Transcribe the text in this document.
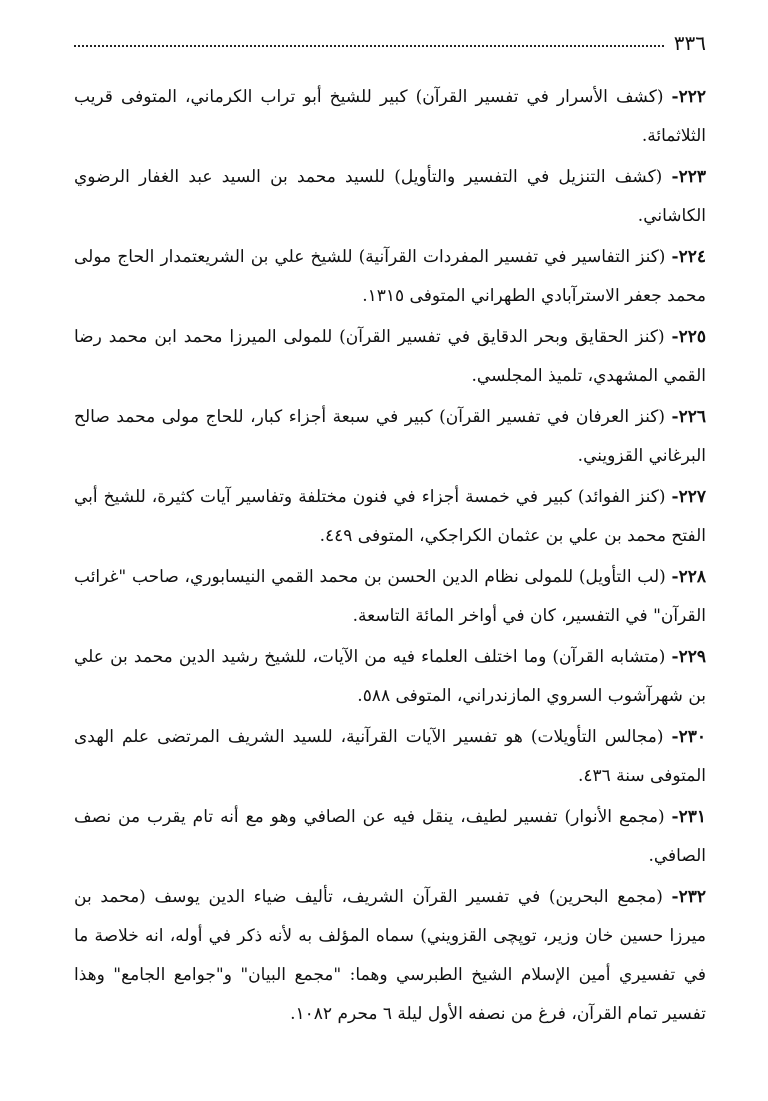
٣٣٦

٢٢٢- (كشف الأسرار في تفسير القرآن) كبير للشيخ أبو تراب الكرماني، المتوفى قريب الثلاثمائة.

٢٢٣- (كشف التنزيل في التفسير والتأويل) للسيد محمد بن السيد عبد الغفار الرضوي الكاشاني.

٢٢٤- (كنز التفاسير في تفسير المفردات القرآنية) للشيخ علي بن الشريعتمدار الحاج مولى محمد جعفر الاسترآبادي الطهراني المتوفى ١٣١٥.

٢٢٥- (كنز الحقايق وبحر الدقايق في تفسير القرآن) للمولى الميرزا محمد ابن محمد رضا القمي المشهدي، تلميذ المجلسي.

٢٢٦- (كنز العرفان في تفسير القرآن) كبير في سبعة أجزاء كبار، للحاج مولى محمد صالح البرغاني القزويني.

٢٢٧- (كنز الفوائد) كبير في خمسة أجزاء في فنون مختلفة وتفاسير آيات كثيرة، للشيخ أبي الفتح محمد بن علي بن عثمان الكراجكي، المتوفى ٤٤٩.

٢٢٨- (لب التأويل) للمولى نظام الدين الحسن بن محمد القمي النيسابوري، صاحب "غرائب القرآن" في التفسير، كان في أواخر المائة التاسعة.

٢٢٩- (متشابه القرآن) وما اختلف العلماء فيه من الآيات، للشيخ رشيد الدين محمد بن علي بن شهرآشوب السروي المازندراني، المتوفى ٥٨٨.

٢٣٠- (مجالس التأويلات) هو تفسير الآيات القرآنية، للسيد الشريف المرتضى علم الهدى المتوفى سنة ٤٣٦.

٢٣١- (مجمع الأنوار) تفسير لطيف، ينقل فيه عن الصافي وهو مع أنه تام يقرب من نصف الصافي.

٢٣٢- (مجمع البحرين) في تفسير القرآن الشريف، تأليف ضياء الدين يوسف (محمد بن ميرزا حسين خان وزير، توپچی القزويني) سماه المؤلف به لأنه ذكر في أوله، انه خلاصة ما في تفسيري أمين الإسلام الشيخ الطبرسي وهما: "مجمع البيان" و"جوامع الجامع" وهذا تفسير تمام القرآن، فرغ من نصفه الأول ليلة ٦ محرم ١٠٨٢.
